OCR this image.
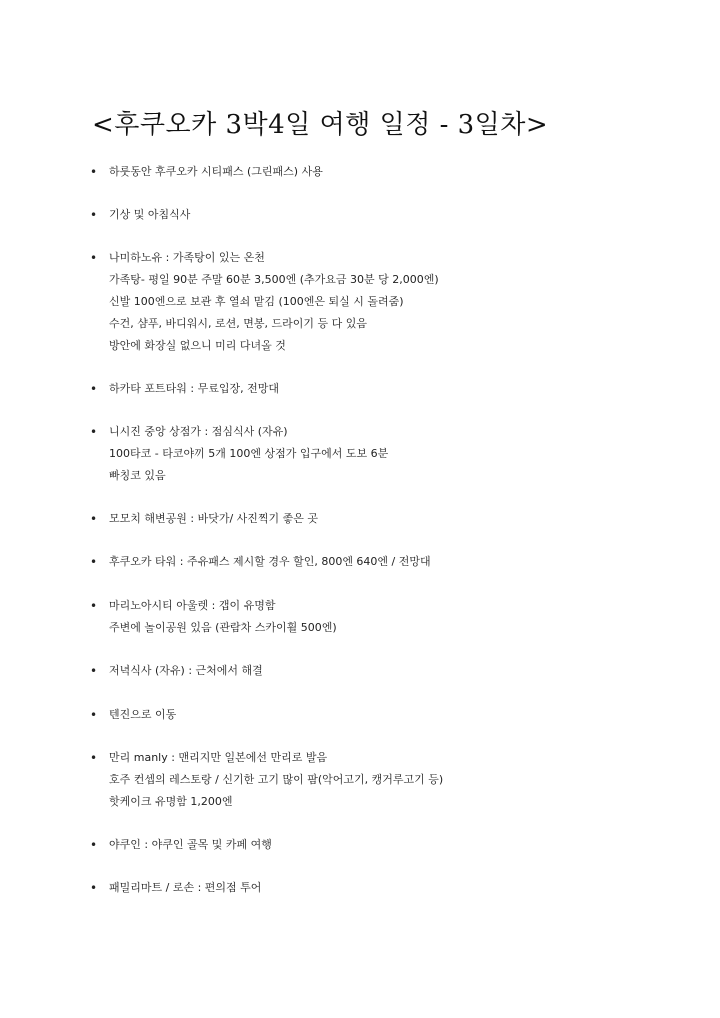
<후쿠오카 3박4일 여행 일정 - 3일차>
• 하룻동안 후쿠오카 시티패스 (그린패스) 사용
• 기상 및 아침식사
• 나미하노유 : 가족탕이 있는 온천
가족탕- 평일 90분 주말 60분 3,500엔 (추가요금 30분 당 2,000엔)
신발 100엔으로 보관 후 열쇠 맡김 (100엔은 퇴실 시 돌려줌)
수건, 샴푸, 바디워시, 로션, 면봉, 드라이기 등 다 있음
방안에 화장실 없으니 미리 다녀올 것
• 하카타 포트타워 : 무료입장, 전망대
• 니시진 중앙 상점가 : 점심식사 (자유)
100타코 - 타코야끼 5개 100엔 상점가 입구에서 도보 6분
빠칭코 있음
• 모모치 해변공원 : 바닷가/ 사진찍기 좋은 곳
• 후쿠오카 타워 : 주유패스 제시할 경우 할인, 800엔 640엔 / 전망대
• 마리노아시티 아울렛 : 갭이 유명함
주변에 놀이공원 있음 (관람차 스카이휠 500엔)
• 저녁식사 (자유) : 근처에서 해결
• 텐진으로 이동
• 만리 manly : 맨리지만 일본에선 만리로 발음
호주 컨셉의 레스토랑 / 신기한 고기 많이 팜(악어고기, 캥거루고기 등)
핫케이크 유명함 1,200엔
• 야쿠인 : 야쿠인 골목 및 카페 여행
• 패밀리마트 / 로손 : 편의점 투어
